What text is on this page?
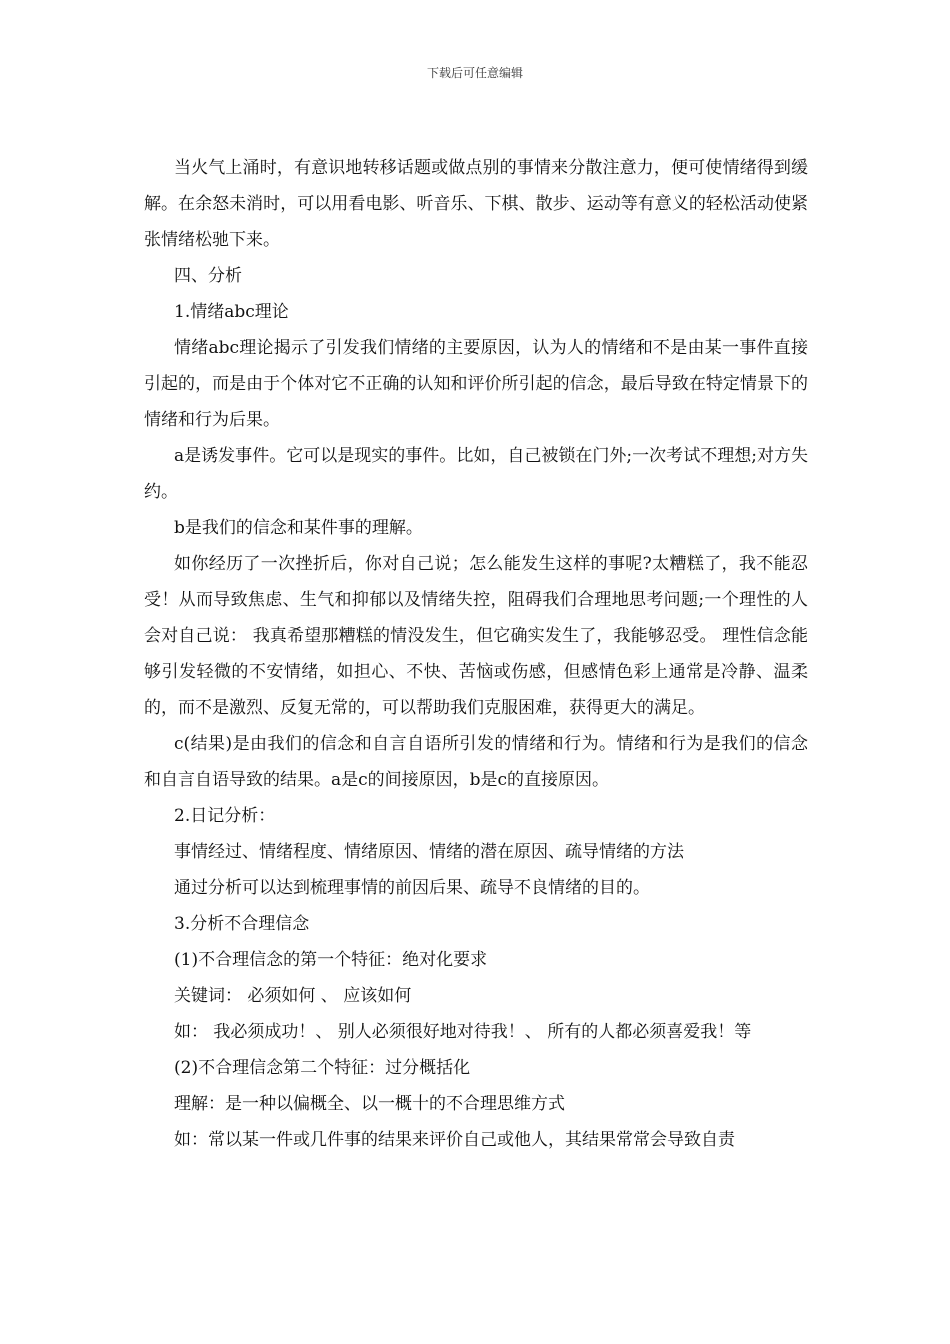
下载后可任意编辑

当火气上涌时，有意识地转移话题或做点别的事情来分散注意力，便可使情绪得到缓解。在余怒未消时，可以用看电影、听音乐、下棋、散步、运动等有意义的轻松活动使紧张情绪松驰下来。

四、分析

1.情绪abc理论

情绪abc理论揭示了引发我们情绪的主要原因，认为人的情绪和不是由某一事件直接引起的，而是由于个体对它不正确的认知和评价所引起的信念，最后导致在特定情景下的情绪和行为后果。

a是诱发事件。它可以是现实的事件。比如，自己被锁在门外;一次考试不理想;对方失约。

b是我们的信念和某件事的理解。

如你经历了一次挫折后，你对自己说；怎么能发生这样的事呢?太糟糕了，我不能忍受！从而导致焦虑、生气和抑郁以及情绪失控，阻碍我们合理地思考问题;一个理性的人会对自己说： 我真希望那糟糕的情没发生，但它确实发生了，我能够忍受。 理性信念能够引发轻微的不安情绪，如担心、不快、苦恼或伤感，但感情色彩上通常是冷静、温柔的，而不是激烈、反复无常的，可以帮助我们克服困难，获得更大的满足。

c(结果)是由我们的信念和自言自语所引发的情绪和行为。情绪和行为是我们的信念和自言自语导致的结果。a是c的间接原因，b是c的直接原因。

2.日记分析：

事情经过、情绪程度、情绪原因、情绪的潜在原因、疏导情绪的方法

通过分析可以达到梳理事情的前因后果、疏导不良情绪的目的。

3.分析不合理信念

(1)不合理信念的第一个特征：绝对化要求

关键词： 必须如何 、 应该如何

如： 我必须成功！、 别人必须很好地对待我！、 所有的人都必须喜爱我！等

(2)不合理信念第二个特征：过分概括化

理解：是一种以偏概全、以一概十的不合理思维方式

如：常以某一件或几件事的结果来评价自己或他人，其结果常常会导致自责
